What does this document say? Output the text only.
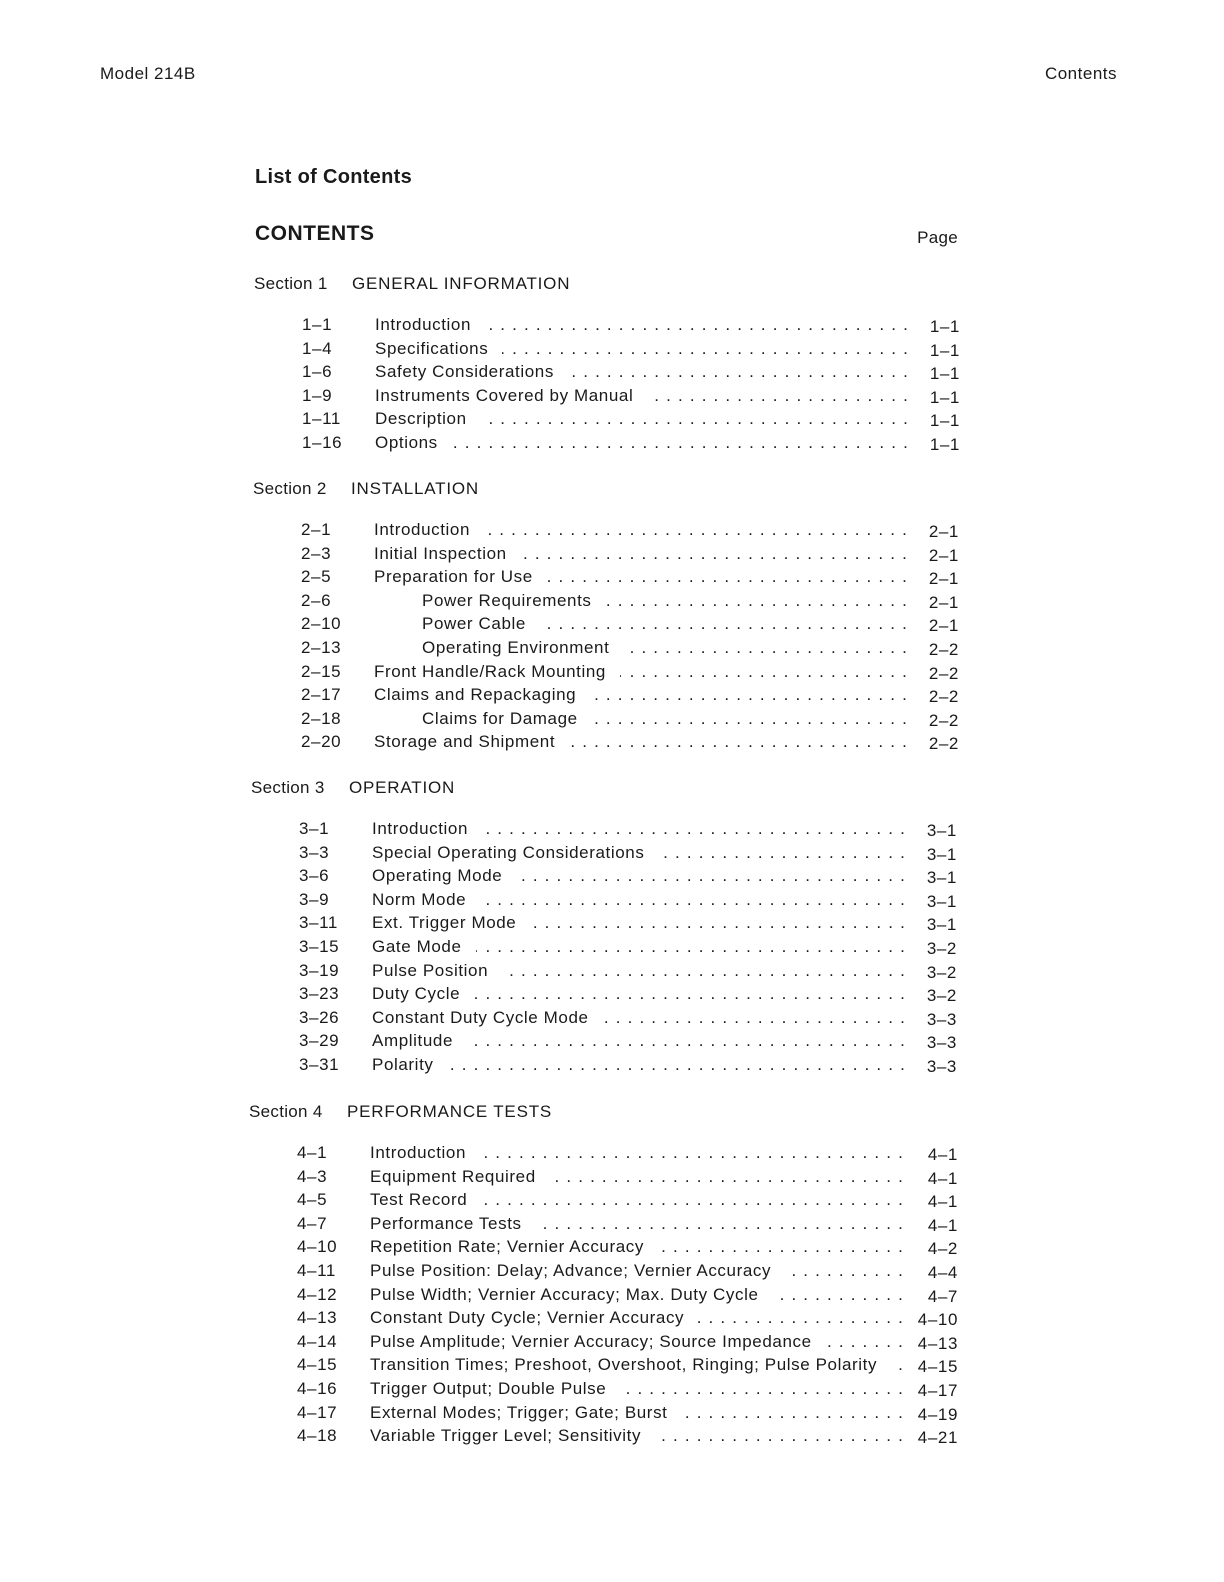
Model 214B	Contents
List of Contents
CONTENTS	Page
Section 1 GENERAL INFORMATION
1–1	Introduction . . .	1–1
1–4	Specifications . . .	1–1
1–6	Safety Considerations . . .	1–1
1–9	Instruments Covered by Manual . . .	1–1
1–11 Description . . .	1–1
1–16 Options . . .	1–1
Section 2 INSTALLATION
2–1	Introduction . . .	2–1
2–3	Initial Inspection . . .	2–1
2–5	Preparation for Use . . .	2–1
2–6	Power Requirements . . .	2–1
2–10	Power Cable . . .	2–1
2–13	Operating Environment . . .	2–2
2–15 Front Handle/Rack Mounting . . .	2–2
2–17 Claims and Repackaging . . .	2–2
2–18	Claims for Damage . . .	2–2
2–20 Storage and Shipment . . .	2–2
Section 3 OPERATION
3–1	Introduction . . .	3–1
3–3	Special Operating Considerations . . .	3–1
3–6	Operating Mode . . .	3–1
3–9	Norm Mode . . .	3–1
3–11 Ext. Trigger Mode . . .	3–1
3–15 Gate Mode . . .	3–2
3–19 Pulse Position . . .	3–2
3–23 Duty Cycle . . .	3–2
3–26 Constant Duty Cycle Mode . . .	3–3
3–29 Amplitude . . .	3–3
3–31 Polarity . . .	3–3
Section 4 PERFORMANCE TESTS
4–1	Introduction . . .	4–1
4–3	Equipment Required . . .	4–1
4–5	Test Record . . .	4–1
4–7	Performance Tests . . .	4–1
4–10 Repetition Rate; Vernier Accuracy . . .	4–2
4–11 Pulse Position: Delay; Advance; Vernier Accuracy . . .	4–4
4–12 Pulse Width; Vernier Accuracy; Max. Duty Cycle . . .	4–7
4–13 Constant Duty Cycle; Vernier Accuracy . . .	4–10
4–14 Pulse Amplitude; Vernier Accuracy; Source Impedance . . .	4–13
4–15 Transition Times; Preshoot, Overshoot, Ringing; Pulse Polarity . . .	4–15
4–16 Trigger Output; Double Pulse . . .	4–17
4–17 External Modes; Trigger; Gate; Burst . . .	4–19
4–18 Variable Trigger Level; Sensitivity . . .	4–21
